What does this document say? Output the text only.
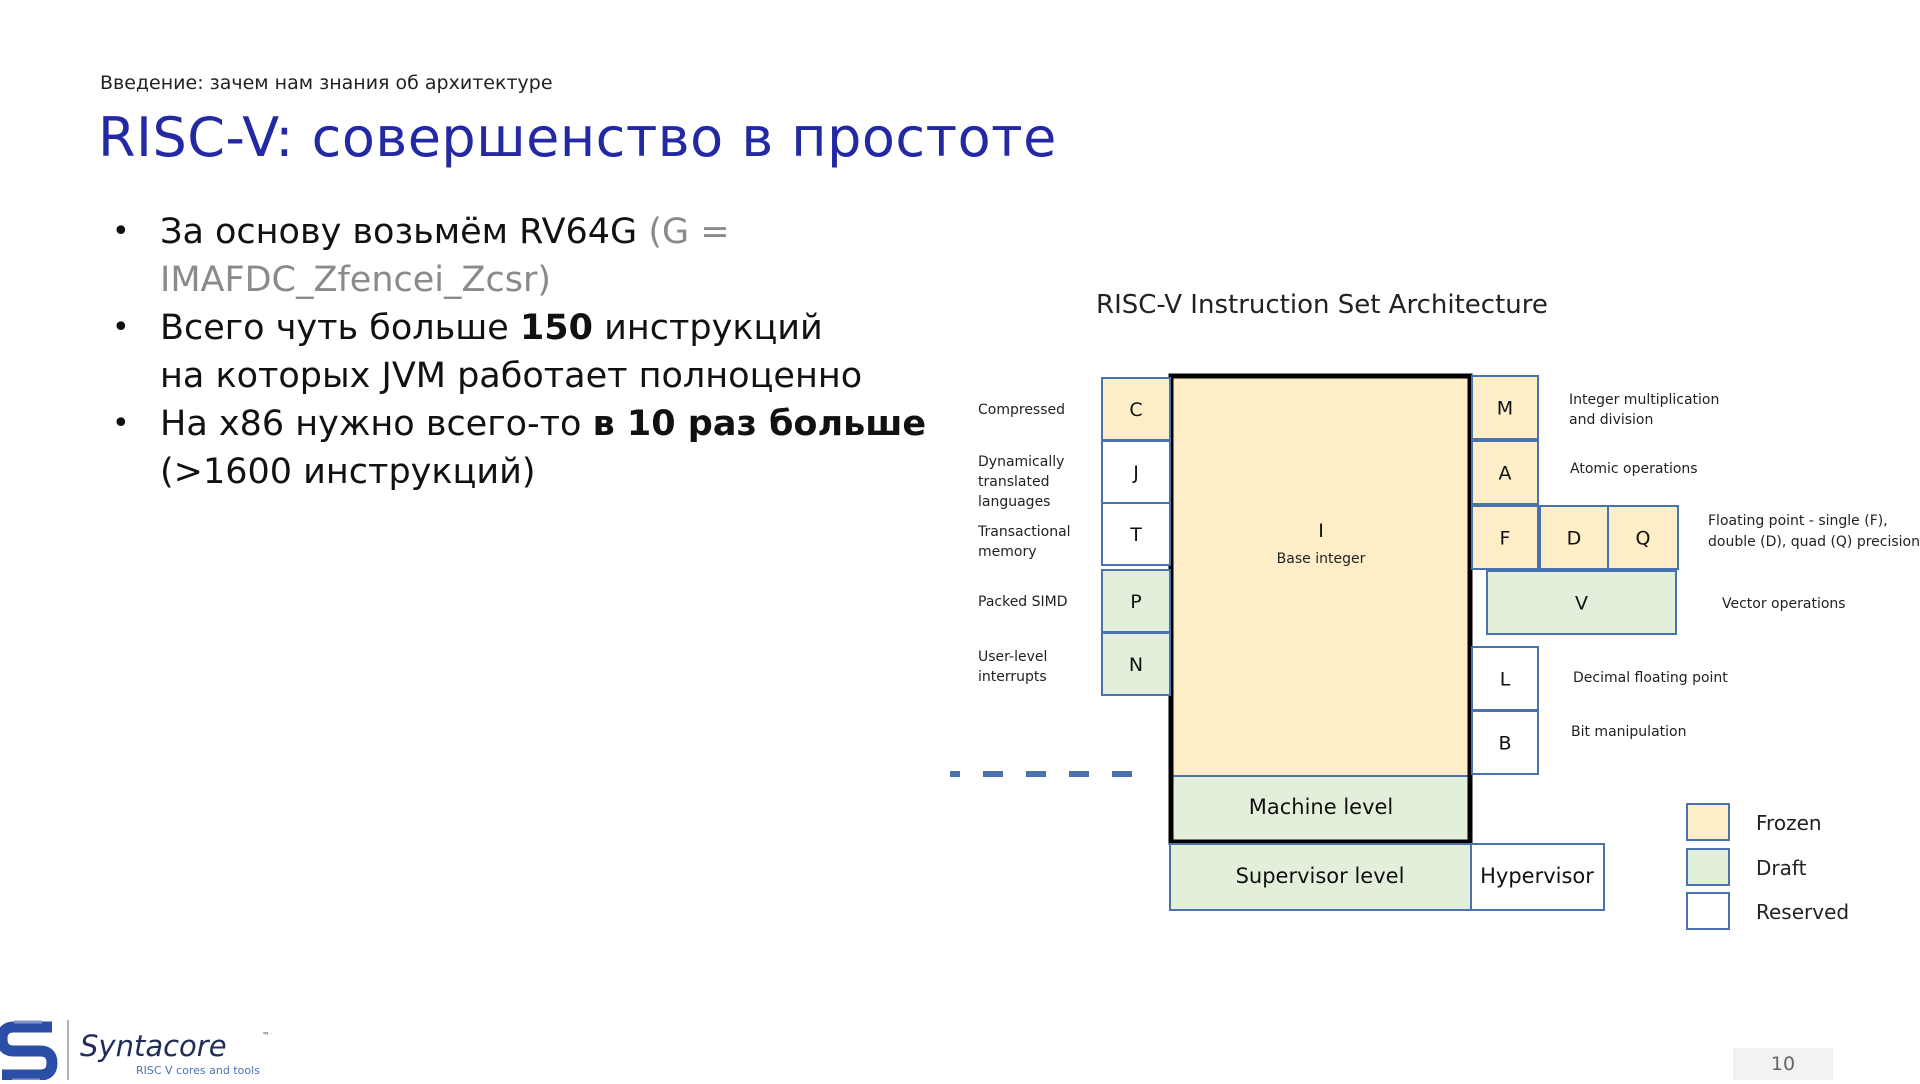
Введение: зачем нам знания об архитектуре
RISC-V: совершенство в простоте
• За основу возьмём RV64G (G = IMAFDC_Zfencei_Zcsr)
• Всего чуть больше 150 инструкций
на которых JVM работает полноценно
• На x86 нужно всего-то в 10 раз больше
(>1600 инструкций)
RISC-V Instruction Set Architecture
I
Base integer
Machine level
Supervisor level	Hypervisor
C
Compressed
J
Dynamically
translated
languages
T
Transactional
memory
P
Packed SIMD
N
User-level
interrupts
M	Integer multiplication
and division
A	Atomic operations
F	D	Q
Floating point - single (F),
double (D), quad (Q) precision
V	Vector operations
L	Decimal floating point
B
Bit manipulation
Frozen
Draft
Reserved
Syntacore	™
RISC V cores and tools	10
